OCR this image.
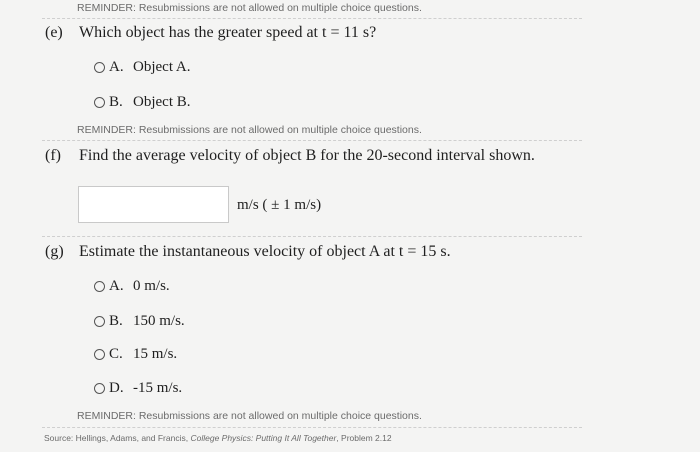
REMINDER: Resubmissions are not allowed on multiple choice questions.
(e) Which object has the greater speed at t = 11 s?
A. Object A.
B. Object B.
REMINDER: Resubmissions are not allowed on multiple choice questions.
(f) Find the average velocity of object B for the 20-second interval shown.
m/s ( ± 1 m/s)
(g) Estimate the instantaneous velocity of object A at t = 15 s.
A. 0 m/s.
B. 150 m/s.
C. 15 m/s.
D. -15 m/s.
REMINDER: Resubmissions are not allowed on multiple choice questions.
Source: Hellings, Adams, and Francis, College Physics: Putting It All Together, Problem 2.12
